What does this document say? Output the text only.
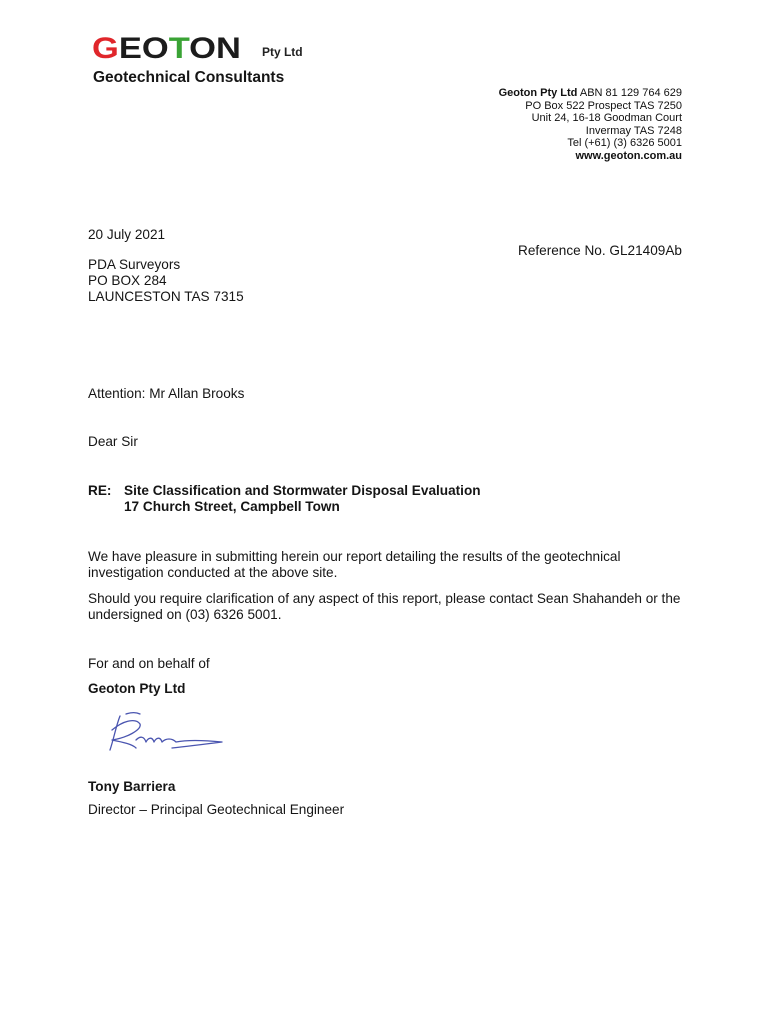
GEOTON Pty Ltd
Geotechnical Consultants
Geoton Pty Ltd ABN 81 129 764 629
PO Box 522 Prospect TAS 7250
Unit 24, 16-18 Goodman Court
Invermay TAS 7248
Tel (+61) (3) 6326 5001
www.geoton.com.au
20 July 2021
Reference No. GL21409Ab
PDA Surveyors
PO BOX 284
LAUNCESTON TAS 7315
Attention: Mr Allan Brooks
Dear Sir
RE: Site Classification and Stormwater Disposal Evaluation
17 Church Street, Campbell Town
We have pleasure in submitting herein our report detailing the results of the geotechnical investigation conducted at the above site.
Should you require clarification of any aspect of this report, please contact Sean Shahandeh or the undersigned on (03) 6326 5001.
For and on behalf of
Geoton Pty Ltd
Tony Barriera
Director – Principal Geotechnical Engineer
